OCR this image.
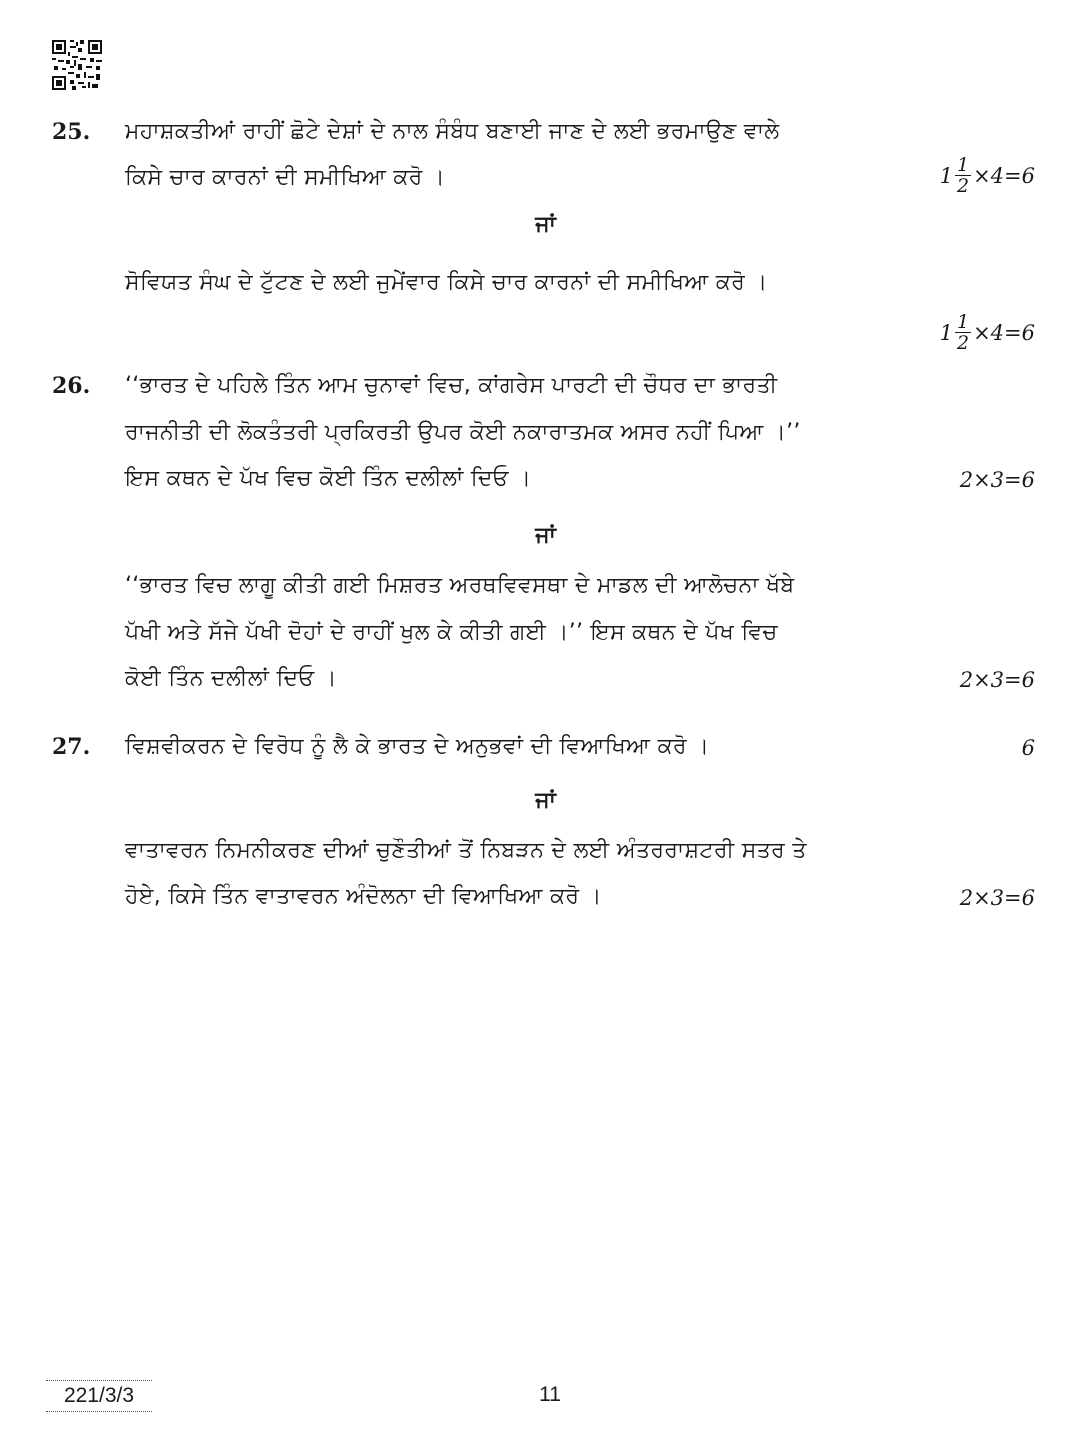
25. ਮਹਾਸ਼ਕਤੀਆਂ ਰਾਹੀਂ ਛੋਟੇ ਦੇਸ਼ਾਂ ਦੇ ਨਾਲ ਸੰਬੰਧ ਬਣਾਈ ਜਾਣ ਦੇ ਲਈ ਭਰਮਾਉਣ ਵਾਲੇ
ਕਿਸੇ ਚਾਰ ਕਾਰਨਾਂ ਦੀ ਸਮੀਖਿਆ ਕਰੋ ।	$1 \frac{1}{2} \times 4=6$
ਜਾਂ
ਸੋਵਿਯਤ ਸੰਘ ਦੇ ਟੁੱਟਣ ਦੇ ਲਈ ਜੁਮੇਂਵਾਰ ਕਿਸੇ ਚਾਰ ਕਾਰਨਾਂ ਦੀ ਸਮੀਖਿਆ ਕਰੋ ।
$1 \frac{1}{2} \times 4=6$
26. ‘‘ਭਾਰਤ ਦੇ ਪਹਿਲੇ ਤਿੰਨ ਆਮ ਚੁਨਾਵਾਂ ਵਿਚ, ਕਾਂਗਰੇਸ ਪਾਰਟੀ ਦੀ ਚੌਧਰ ਦਾ ਭਾਰਤੀ
ਰਾਜਨੀਤੀ ਦੀ ਲੋਕਤੰਤਰੀ ਪ੍ਰਕਿਰਤੀ ਉਪਰ ਕੋਈ ਨਕਾਰਾਤਮਕ ਅਸਰ ਨਹੀਂ ਪਿਆ ।’’
ਇਸ ਕਥਨ ਦੇ ਪੱਖ ਵਿਚ ਕੋਈ ਤਿੰਨ ਦਲੀਲਾਂ ਦਿਓ ।	2×3=6
ਜਾਂ
‘‘ਭਾਰਤ ਵਿਚ ਲਾਗੂ ਕੀਤੀ ਗਈ ਮਿਸ਼ਰਤ ਅਰਥਵਿਵਸਥਾ ਦੇ ਮਾਡਲ ਦੀ ਆਲੋਚਨਾ ਖੱਬੇ
ਪੱਖੀ ਅਤੇ ਸੱਜੇ ਪੱਖੀ ਦੋਹਾਂ ਦੇ ਰਾਹੀਂ ਖੁਲ ਕੇ ਕੀਤੀ ਗਈ ।’’ ਇਸ ਕਥਨ ਦੇ ਪੱਖ ਵਿਚ
ਕੋਈ ਤਿੰਨ ਦਲੀਲਾਂ ਦਿਓ ।	2×3=6
27. ਵਿਸ਼ਵੀਕਰਨ ਦੇ ਵਿਰੋਧ ਨੂੰ ਲੈ ਕੇ ਭਾਰਤ ਦੇ ਅਨੁਭਵਾਂ ਦੀ ਵਿਆਖਿਆ ਕਰੋ ।	6
ਜਾਂ
ਵਾਤਾਵਰਨ ਨਿਮਨੀਕਰਣ ਦੀਆਂ ਚੁਣੌਤੀਆਂ ਤੋਂ ਨਿਬੜਨ ਦੇ ਲਈ ਅੰਤਰਰਾਸ਼ਟਰੀ ਸਤਰ ਤੇ
ਹੋਏ, ਕਿਸੇ ਤਿੰਨ ਵਾਤਾਵਰਨ ਅੰਦੋਲਨਾ ਦੀ ਵਿਆਖਿਆ ਕਰੋ ।	2×3=6
221/3/3	11
